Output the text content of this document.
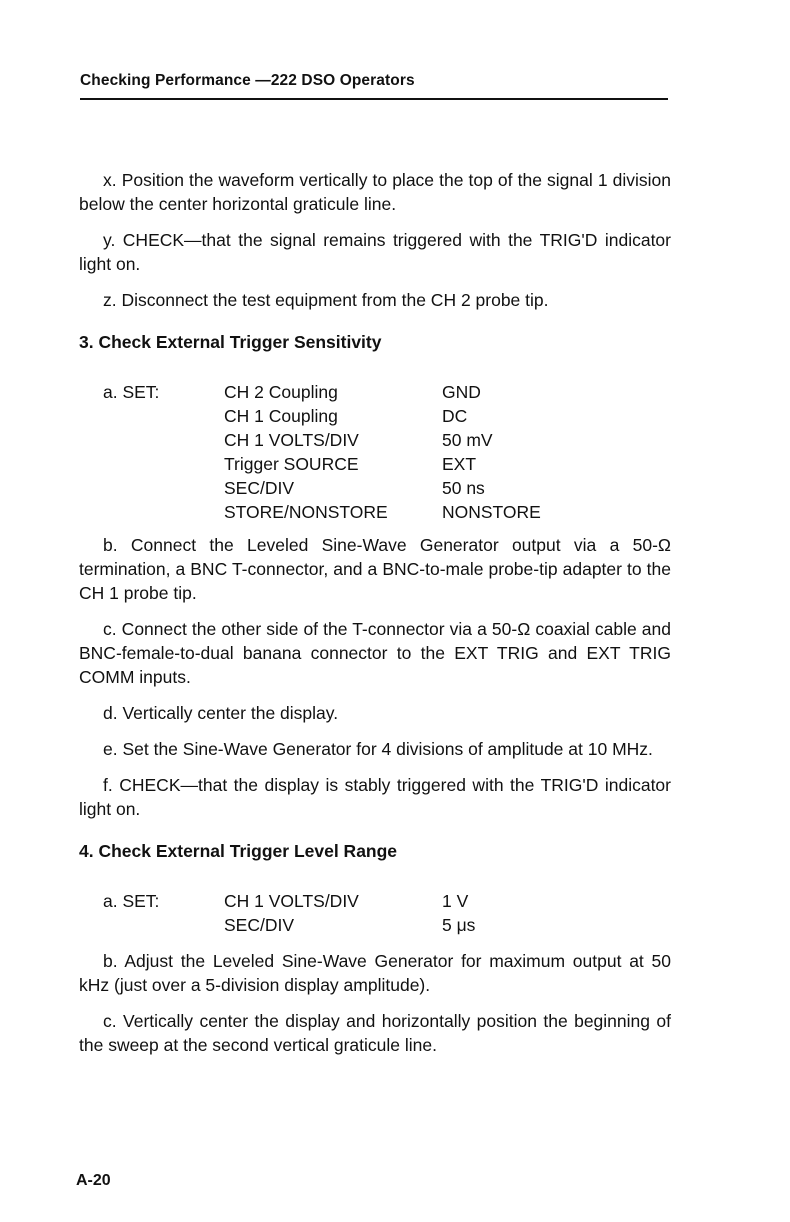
Checking Performance —222 DSO Operators

x. Position the waveform vertically to place the top of the signal 1 division below the center horizontal graticule line.

y. CHECK—that the signal remains triggered with the TRIG'D indicator light on.

z. Disconnect the test equipment from the CH 2 probe tip.

3. Check External Trigger Sensitivity

a. SET:	CH 2 Coupling	GND
CH 1 Coupling	DC
CH 1 VOLTS/DIV	50 mV
Trigger SOURCE	EXT
SEC/DIV	50 ns
STORE/NONSTORE	NONSTORE

b. Connect the Leveled Sine-Wave Generator output via a 50-Ω termination, a BNC T-connector, and a BNC-to-male probe-tip adapter to the CH 1 probe tip.

c. Connect the other side of the T-connector via a 50-Ω coaxial cable and BNC-female-to-dual banana connector to the EXT TRIG and EXT TRIG COMM inputs.

d. Vertically center the display.

e. Set the Sine-Wave Generator for 4 divisions of amplitude at 10 MHz.

f. CHECK—that the display is stably triggered with the TRIG'D indicator light on.

4. Check External Trigger Level Range

a. SET:	CH 1 VOLTS/DIV	1 V
SEC/DIV	5 μs

b. Adjust the Leveled Sine-Wave Generator for maximum output at 50 kHz (just over a 5-division display amplitude).

c. Vertically center the display and horizontally position the beginning of the sweep at the second vertical graticule line.

A-20
